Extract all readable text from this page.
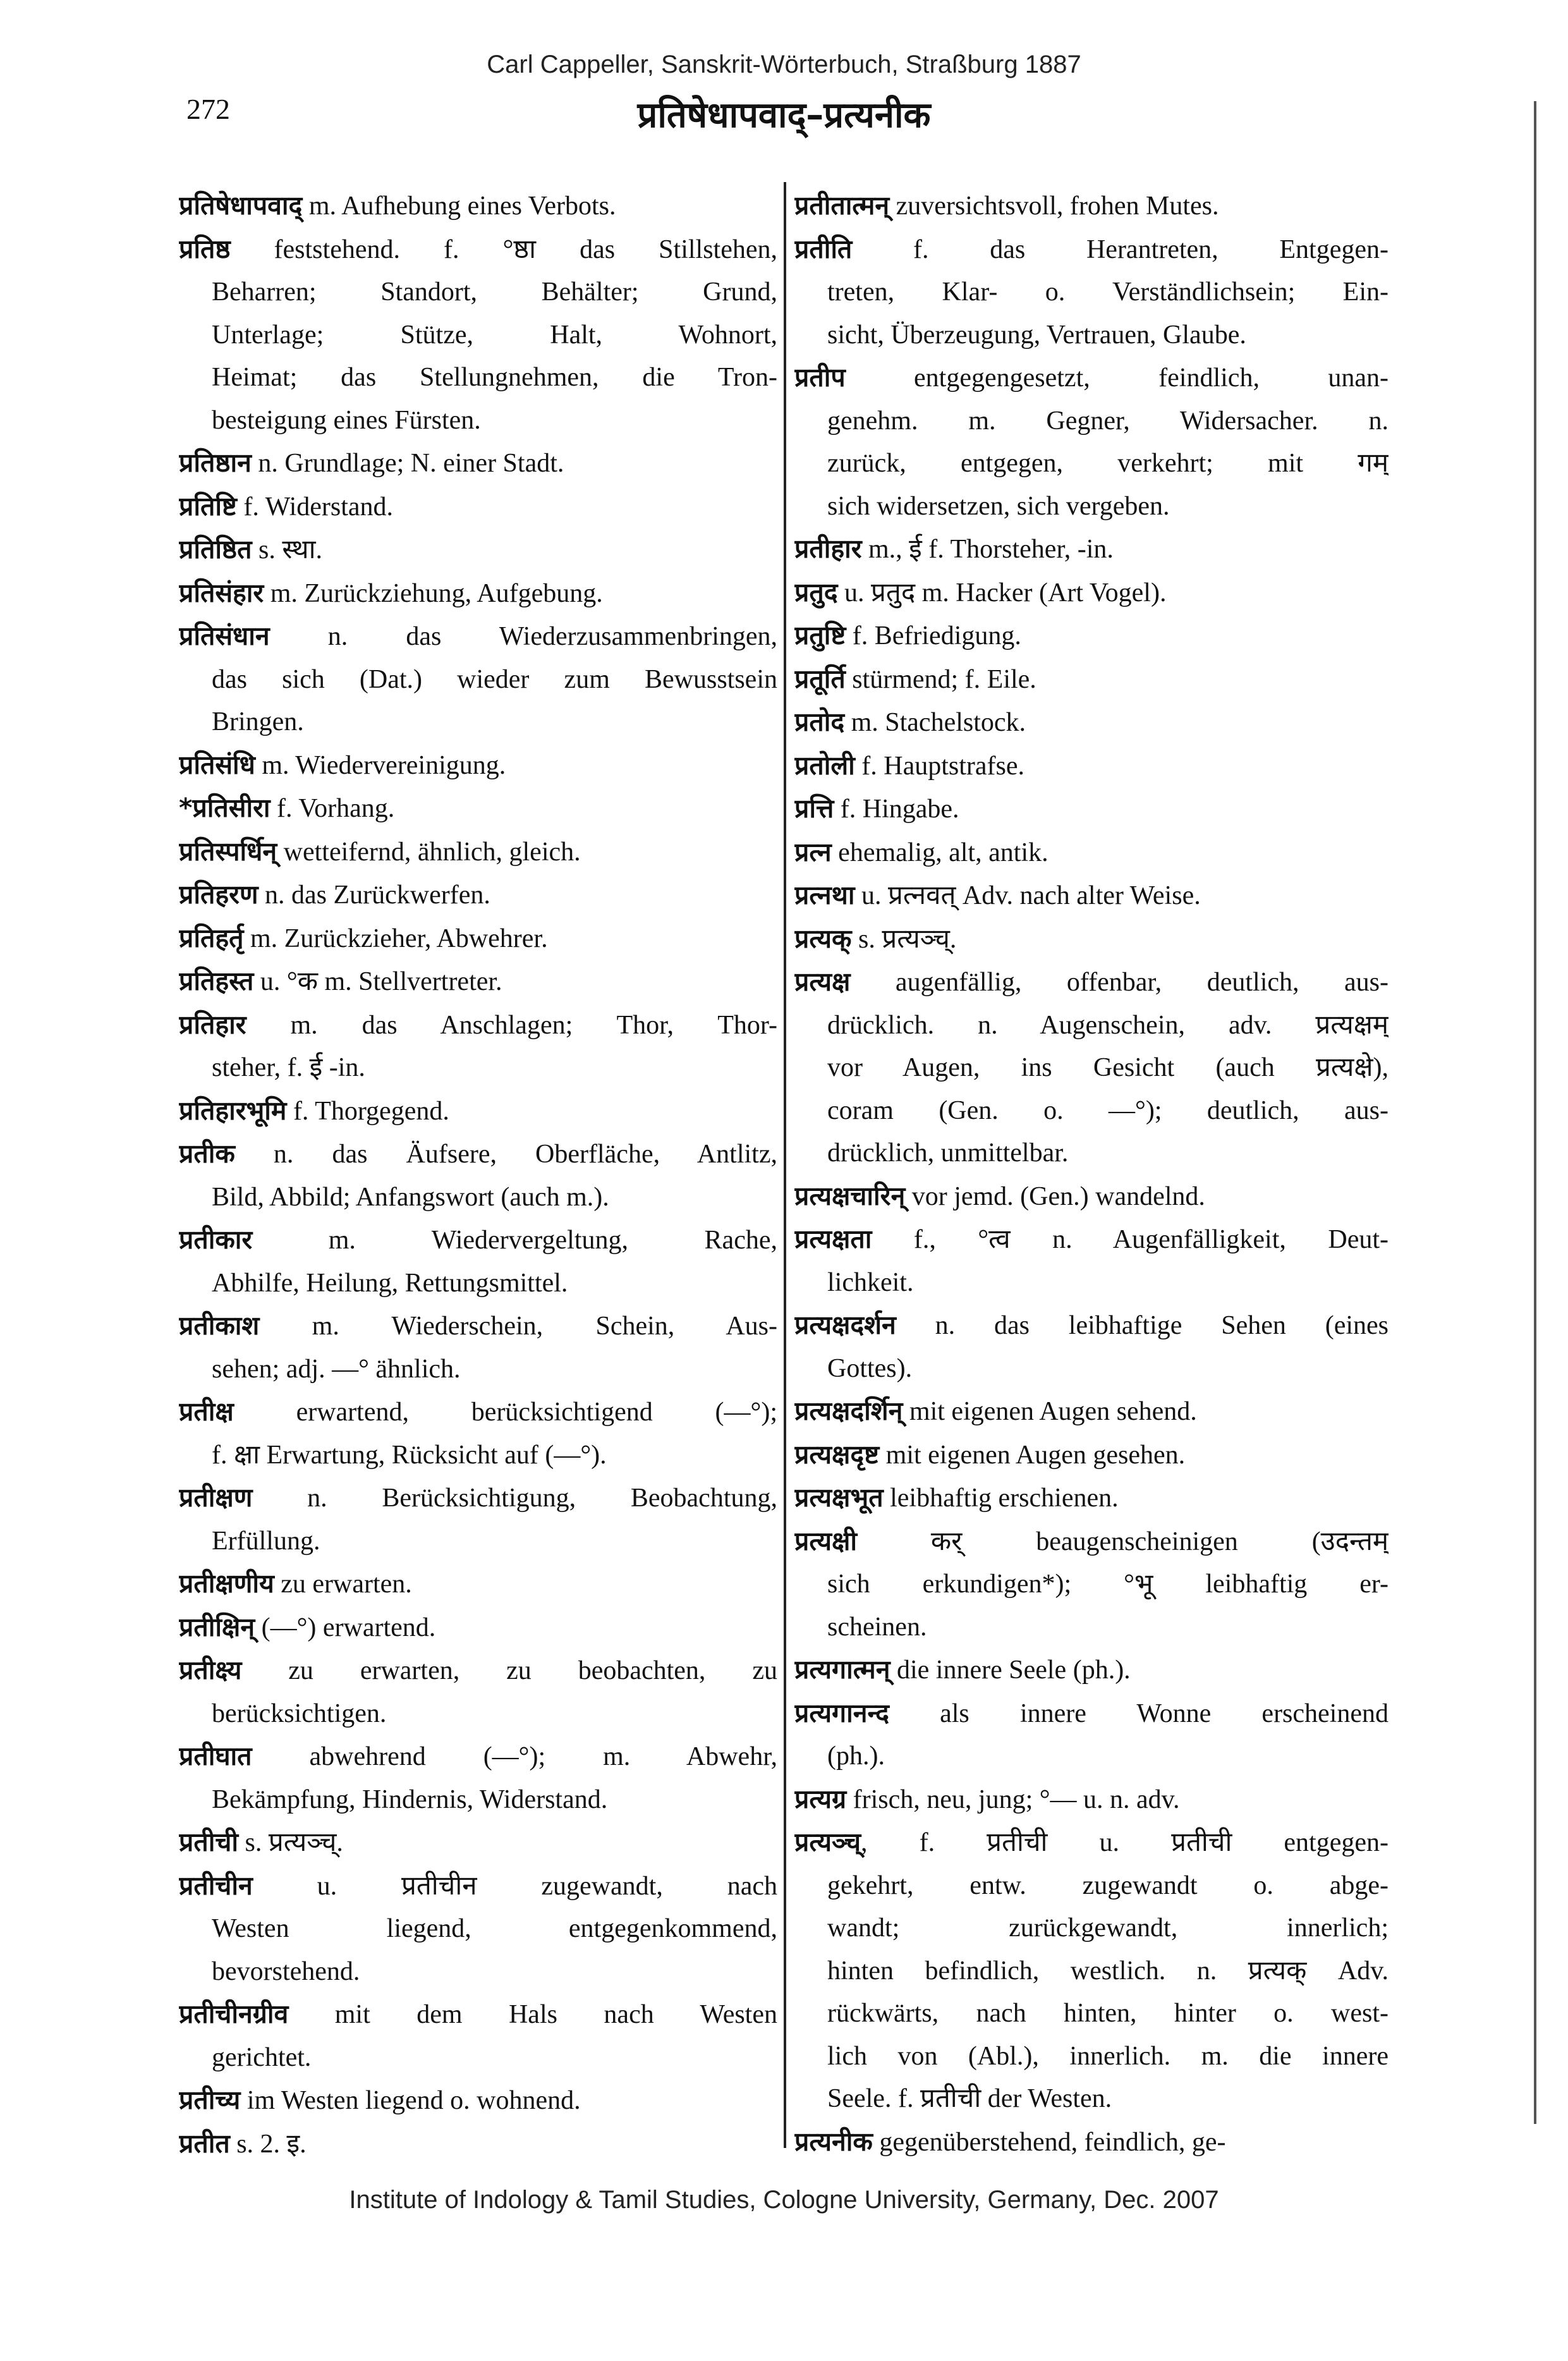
Carl Cappeller, Sanskrit-Wörterbuch, Straßburg 1887
272	प्रतिषेधापवाद्–प्रत्यनीक

प्रतिषेधापवाद् m. Aufhebung eines Verbots.

प्रतिष्ठ feststehend. f. °ष्ठा das Stillstehen,
Beharren; Standort, Behälter; Grund,
Unterlage; Stütze, Halt, Wohnort,
Heimat; das Stellungnehmen, die Tron-
besteigung eines Fürsten.

प्रतिष्ठान n. Grundlage; N. einer Stadt.

प्रतिष्टि f. Widerstand.

प्रतिष्ठित s. स्था.

प्रतिसंहार m. Zurückziehung, Aufgebung.

प्रतिसंधान n. das Wiederzusammenbringen,
das sich (Dat.) wieder zum Bewusstsein
Bringen.

प्रतिसंधि m. Wiedervereinigung.

*प्रतिसीरा f. Vorhang.

प्रतिस्पर्धिन् wetteifernd, ähnlich, gleich.

प्रतिहरण n. das Zurückwerfen.

प्रतिहर्तृ m. Zurückzieher, Abwehrer.

प्रतिहस्त u. °क m. Stellvertreter.

प्रतिहार m. das Anschlagen; Thor, Thor-
steher, f. ई -in.

प्रतिहारभूमि f. Thorgegend.

प्रतीक n. das Äufsere, Oberfläche, Antlitz,
Bild, Abbild; Anfangswort (auch m.).

प्रतीकार m. Wiedervergeltung, Rache,
Abhilfe, Heilung, Rettungsmittel.

प्रतीकाश m. Wiederschein, Schein, Aus-
sehen; adj. —° ähnlich.

प्रतीक्ष erwartend, berücksichtigend (—°);
f. क्षा Erwartung, Rücksicht auf (—°).

प्रतीक्षण n. Berücksichtigung, Beobachtung,
Erfüllung.

प्रतीक्षणीय zu erwarten.

प्रतीक्षिन् (—°) erwartend.

प्रतीक्ष्य zu erwarten, zu beobachten, zu
berücksichtigen.

प्रतीघात abwehrend (—°); m. Abwehr,
Bekämpfung, Hindernis, Widerstand.

प्रतीची s. प्रत्यञ्च्.

प्रतीचीन u. प्रतीचीन zugewandt, nach
Westen liegend, entgegenkommend,
bevorstehend.

प्रतीचीनग्रीव mit dem Hals nach Westen
gerichtet.

प्रतीच्य im Westen liegend o. wohnend.

प्रतीत s. 2. इ.

प्रतीतात्मन् zuversichtsvoll, frohen Mutes.

प्रतीति f. das Herantreten, Entgegen-
treten, Klar- o. Verständlichsein; Ein-
sicht, Überzeugung, Vertrauen, Glaube.

प्रतीप entgegengesetzt, feindlich, unan-
genehm. m. Gegner, Widersacher. n.
zurück, entgegen, verkehrt; mit गम्
sich widersetzen, sich vergeben.

प्रतीहार m., ई f. Thorsteher, -in.

प्रतुद u. प्रतुद m. Hacker (Art Vogel).

प्रतुष्टि f. Befriedigung.

प्रतूर्ति stürmend; f. Eile.

प्रतोद m. Stachelstock.

प्रतोली f. Hauptstrafse.

प्रत्ति f. Hingabe.

प्रत्न ehemalig, alt, antik.

प्रत्नथा u. प्रत्नवत् Adv. nach alter Weise.

प्रत्यक् s. प्रत्यञ्च्.

प्रत्यक्ष augenfällig, offenbar, deutlich, aus-
drücklich. n. Augenschein, adv. प्रत्यक्षम्
vor Augen, ins Gesicht (auch प्रत्यक्षे),
coram (Gen. o. —°); deutlich, aus-
drücklich, unmittelbar.

प्रत्यक्षचारिन् vor jemd. (Gen.) wandelnd.

प्रत्यक्षता f., °त्व n. Augenfälligkeit, Deut-
lichkeit.

प्रत्यक्षदर्शन n. das leibhaftige Sehen (eines
Gottes).

प्रत्यक्षदर्शिन् mit eigenen Augen sehend.

प्रत्यक्षदृष्ट mit eigenen Augen gesehen.

प्रत्यक्षभूत leibhaftig erschienen.

प्रत्यक्षी कर् beaugenscheinigen (उदन्तम्
sich erkundigen*); °भू leibhaftig er-
scheinen.

प्रत्यगात्मन् die innere Seele (ph.).

प्रत्यगानन्द als innere Wonne erscheinend
(ph.).

प्रत्यग्र frisch, neu, jung; °— u. n. adv.

प्रत्यञ्च्, f. प्रतीची u. प्रतीची entgegen-
gekehrt, entw. zugewandt o. abge-
wandt; zurückgewandt, innerlich;
hinten befindlich, westlich. n. प्रत्यक् Adv.
rückwärts, nach hinten, hinter o. west-
lich von (Abl.), innerlich. m. die innere
Seele. f. प्रतीची der Westen.

प्रत्यनीक gegenüberstehend, feindlich, ge-

Institute of Indology & Tamil Studies, Cologne University, Germany, Dec. 2007
